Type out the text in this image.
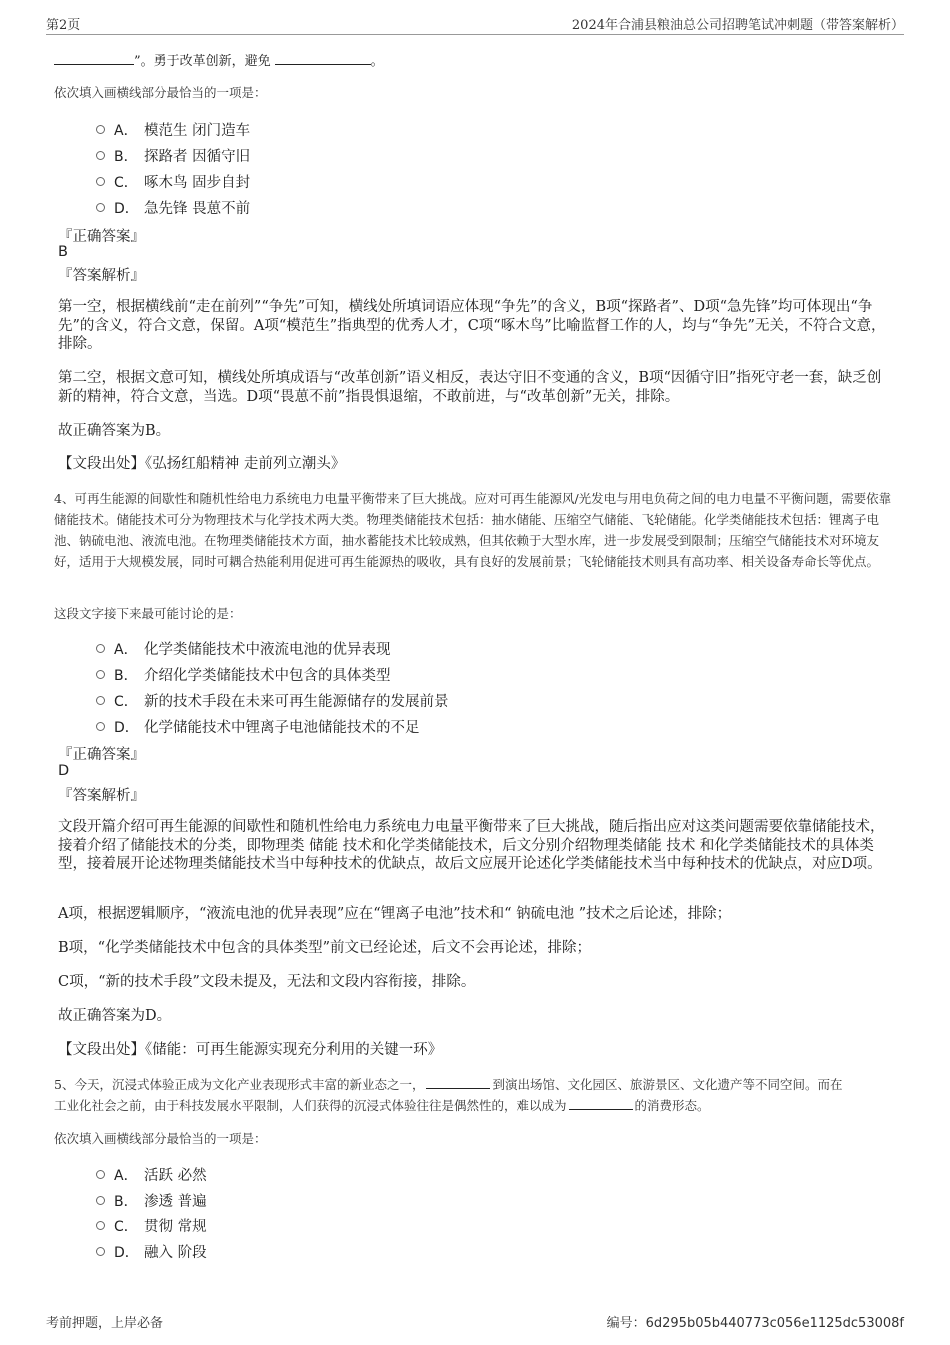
第2页	2024年合浦县粮油总公司招聘笔试冲刺题（带答案解析）
”。勇于改革创新，避免	。
依次填入画横线部分最恰当的一项是：
A． 模范生 闭门造车
B． 探路者 因循守旧
C． 啄木鸟 固步自封
D． 急先锋 畏葸不前
『正确答案』
B
『答案解析』
第一空，根据横线前“走在前列”“争先”可知，横线处所填词语应体现“争先”的含义，B项“探路者”、D项“急先锋”均可体现出“争先”的含义，符合文意，保留。A项“模范生”指典型的优秀人才，C项“啄木鸟”比喻监督工作的人，均与“争先”无关，不符合文意，排除。
第二空，根据文意可知，横线处所填成语与“改革创新”语义相反，表达守旧不变通的含义，B项“因循守旧”指死守老一套，缺乏创新的精神，符合文意，当选。D项“畏葸不前”指畏惧退缩，不敢前进，与“改革创新”无关，排除。
故正确答案为B。
【文段出处】《弘扬红船精神 走前列立潮头》
4、可再生能源的间歇性和随机性给电力系统电力电量平衡带来了巨大挑战。应对可再生能源风/光发电与用电负荷之间的电力电量不平衡问题，需要依靠储能技术。储能技术可分为物理技术与化学技术两大类。物理类储能技术包括：抽水储能、压缩空气储能、飞轮储能。化学类储能技术包括：锂离子电池、钠硫电池、液流电池。在物理类储能技术方面，抽水蓄能技术比较成熟，但其依赖于大型水库，进一步发展受到限制；压缩空气储能技术对环境友好，适用于大规模发展，同时可耦合热能利用促进可再生能源热的吸收，具有良好的发展前景；飞轮储能技术则具有高功率、相关设备寿命长等优点。
这段文字接下来最可能讨论的是：
A． 化学类储能技术中液流电池的优异表现
B． 介绍化学类储能技术中包含的具体类型
C． 新的技术手段在未来可再生能源储存的发展前景
D． 化学储能技术中锂离子电池储能技术的不足
『正确答案』
D
『答案解析』
文段开篇介绍可再生能源的间歇性和随机性给电力系统电力电量平衡带来了巨大挑战，随后指出应对这类问题需要依靠储能技术，接着介绍了储能技术的分类，即物理类 储能 技术和化学类储能技术，后文分别介绍物理类储能 技术 和化学类储能技术的具体类型，接着展开论述物理类储能技术当中每种技术的优缺点，故后文应展开论述化学类储能技术当中每种技术的优缺点，对应D项。
A项，根据逻辑顺序，“液流电池的优异表现”应在“锂离子电池”技术和“ 钠硫电池 ”技术之后论述，排除；
B项，“化学类储能技术中包含的具体类型”前文已经论述，后文不会再论述，排除；
C项，“新的技术手段”文段未提及，无法和文段内容衔接，排除。
故正确答案为D。
【文段出处】《储能：可再生能源实现充分利用的关键一环》
5、今天，沉浸式体验正成为文化产业表现形式丰富的新业态之一，	到演出场馆、文化园区、旅游景区、文化遗产等不同空间。而在
工业化社会之前，由于科技发展水平限制，人们获得的沉浸式体验往往是偶然性的，难以成为	的消费形态。
依次填入画横线部分最恰当的一项是：
A． 活跃 必然
B． 渗透 普遍
C． 贯彻 常规
D． 融入 阶段
考前押题，上岸必备	编号：6d295b05b440773c056e1125dc53008f
